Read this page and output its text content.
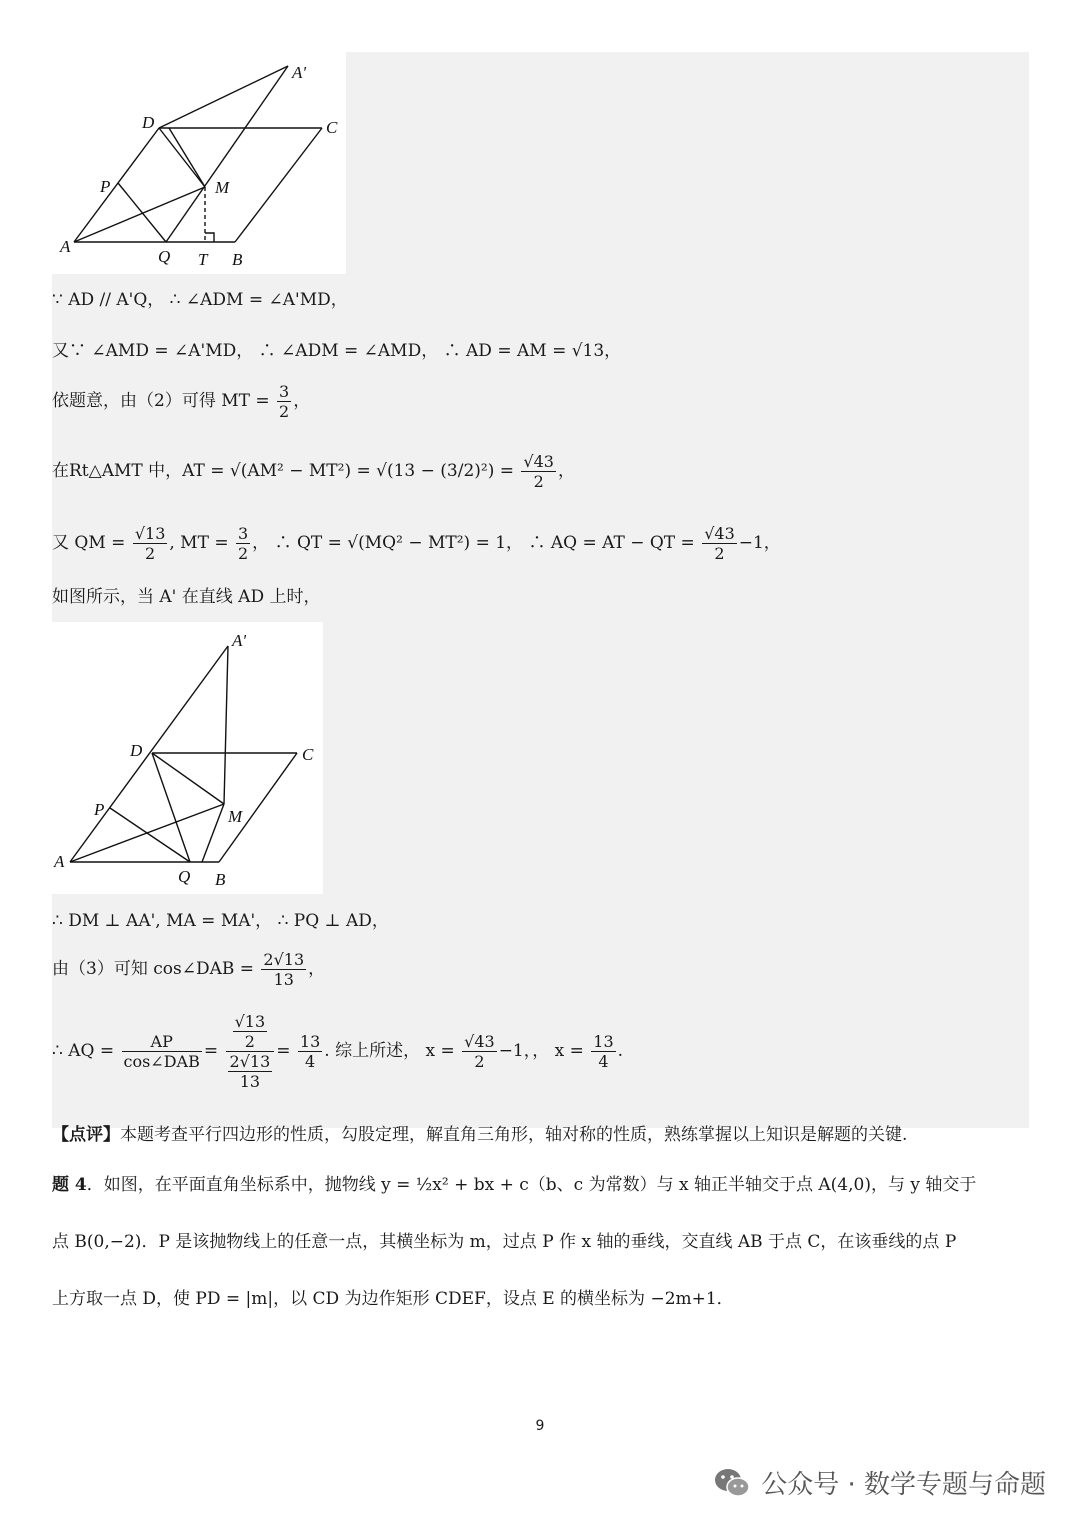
A'
D	C
P	M
A
Q T B
∵ AD // A'Q， ∴ ∠ADM = ∠A'MD，
又∵ ∠AMD = ∠A'MD， ∴ ∠ADM = ∠AMD， ∴ AD = AM = √13，
依题意，由（2）可得 MT = $\frac{3}{2}$ ，
在Rt△AMT 中，AT = $√(AM^2 - MT^2) = √(13 - (3/2)^2) = \frac{√43}{2}$ ，
又 QM = $\frac{√13}{2}$ , MT = $\frac{3}{2}$ ， ∴ QT = √(MQ² − MT²) = 1， ∴ AQ = AT − QT = $\frac{√43}{2} -1$，
如图所示，当 A' 在直线 AD 上时，
A'
D	C
P	M
A
Q B
∴ DM ⊥ AA', MA = MA'， ∴ PQ ⊥ AD，
由（3）可知 cos∠DAB = $\frac{2√13}{13}$ ，
∴ AQ =	AP
cos∠DAB
= $\frac{\frac{√13}{2}}{\frac{2√13}{13}} = \frac{13}{4}$ . 综上所述， $x = \frac{√43}{2} -1$，， $x = \frac{13}{4}$ .
【点评】本题考查平行四边形的性质，勾股定理，解直角三角形，轴对称的性质，熟练掌握以上知识是解题的关键.
题 4．如图，在平面直角坐标系中，抛物线 y = ½x² + bx + c（b、c 为常数）与 x 轴正半轴交于点 A(4,0)，与 y 轴交于
点 B(0,−2)．P 是该抛物线上的任意一点，其横坐标为 m，过点 P 作 x 轴的垂线，交直线 AB 于点 C，在该垂线的点 P
上方取一点 D，使 PD = |m|，以 CD 为边作矩形 CDEF，设点 E 的横坐标为 −2m+1．
9
公众号 · 数学专题与命题
